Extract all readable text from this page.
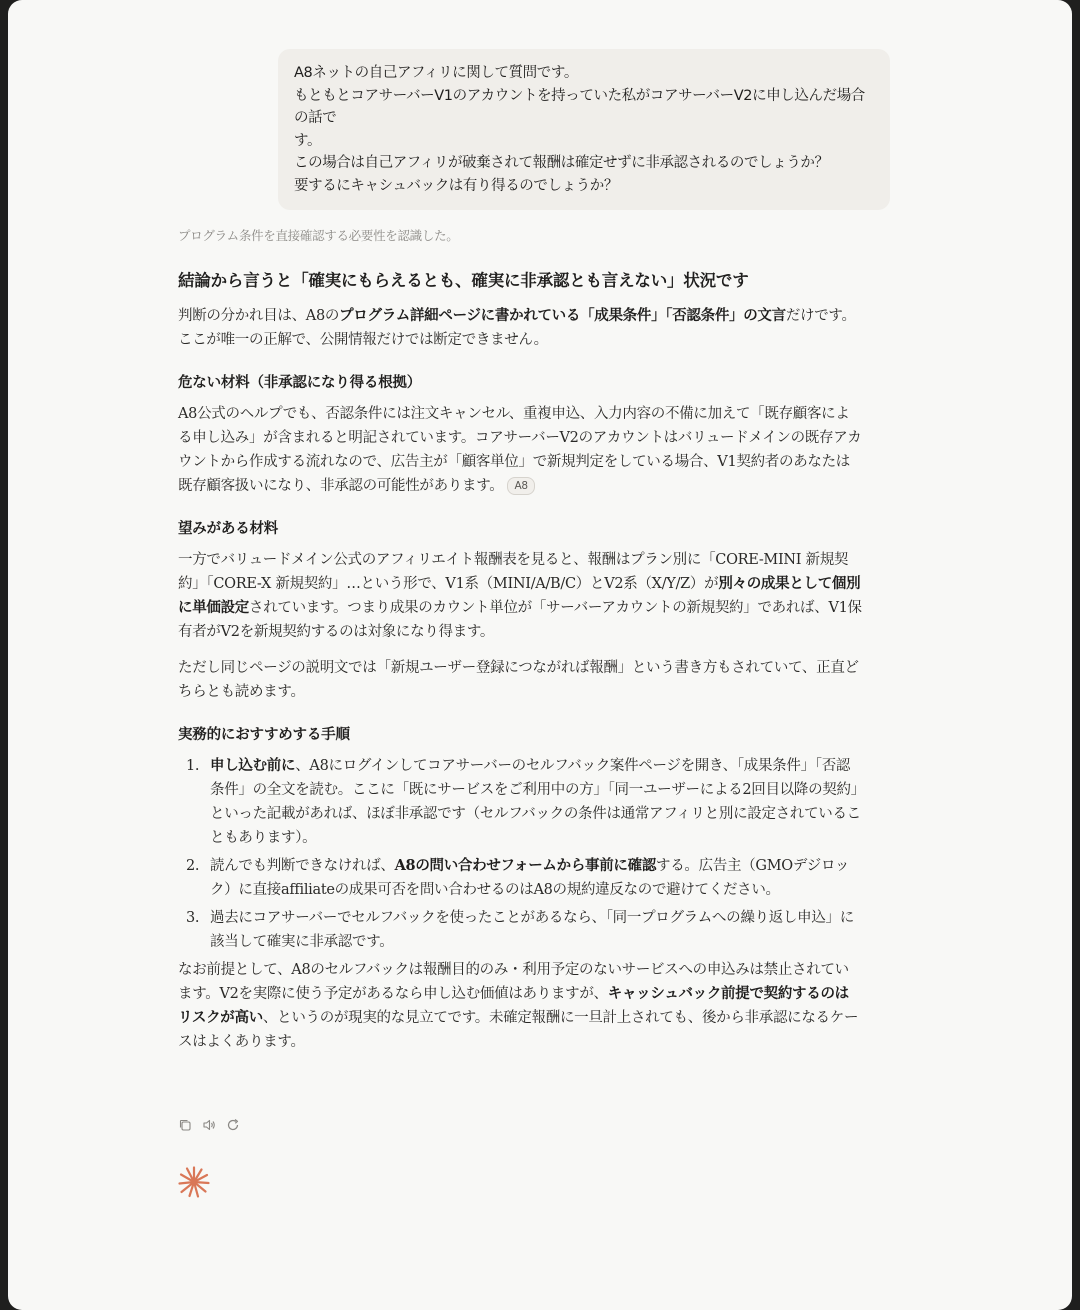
A8ネットの自己アフィリに関して質問です。
もともとコアサーバーV1のアカウントを持っていた私がコアサーバーV2に申し込んだ場合の話で
す。
この場合は自己アフィリが破棄されて報酬は確定せずに非承認されるのでしょうか？
要するにキャシュバックは有り得るのでしょうか？
プログラム条件を直接確認する必要性を認識した。
結論から言うと「確実にもらえるとも、確実に非承認とも言えない」状況です

判断の分かれ目は、A8のプログラム詳細ページに書かれている「成果条件」「否認条件」の文言だけです。ここが唯一の正解で、公開情報だけでは断定できません。

危ない材料（非承認になり得る根拠）

A8公式のヘルプでも、否認条件には注文キャンセル、重複申込、入力内容の不備に加えて「既存顧客による申し込み」が含まれると明記されています。コアサーバーV2のアカウントはバリュードメインの既存アカウントから作成する流れなので、広告主が「顧客単位」で新規判定をしている場合、V1契約者のあなたは既存顧客扱いになり、非承認の可能性があります。 A8

望みがある材料

一方でバリュードメイン公式のアフィリエイト報酬表を見ると、報酬はプラン別に「CORE-MINI 新規契約」「CORE-X 新規契約」…という形で、V1系（MINI/A/B/C）とV2系（X/Y/Z）が別々の成果として個別に単価設定されています。つまり成果のカウント単位が「サーバーアカウントの新規契約」であれば、V1保有者がV2を新規契約するのは対象になり得ます。

ただし同じページの説明文では「新規ユーザー登録につながれば報酬」という書き方もされていて、正直どちらとも読めます。

実務的におすすめする手順
1. 申し込む前に、A8にログインしてコアサーバーのセルフバック案件ページを開き、「成果条件」「否認条件」の全文を読む。ここに「既にサービスをご利用中の方」「同一ユーザーによる2回目以降の契約」といった記載があれば、ほぼ非承認です（セルフバックの条件は通常アフィリと別に設定されていることもあります）。
2. 読んでも判断できなければ、A8の問い合わせフォームから事前に確認する。広告主（GMOデジロック）に直接affiliateの成果可否を問い合わせるのはA8の規約違反なので避けてください。
3. 過去にコアサーバーでセルフバックを使ったことがあるなら、「同一プログラムへの繰り返し申込」に該当して確実に非承認です。

なお前提として、A8のセルフバックは報酬目的のみ・利用予定のないサービスへの申込みは禁止されています。V2を実際に使う予定があるなら申し込む価値はありますが、キャッシュバック前提で契約するのはリスクが高い、というのが現実的な見立てです。未確定報酬に一旦計上されても、後から非承認になるケースはよくあります。
